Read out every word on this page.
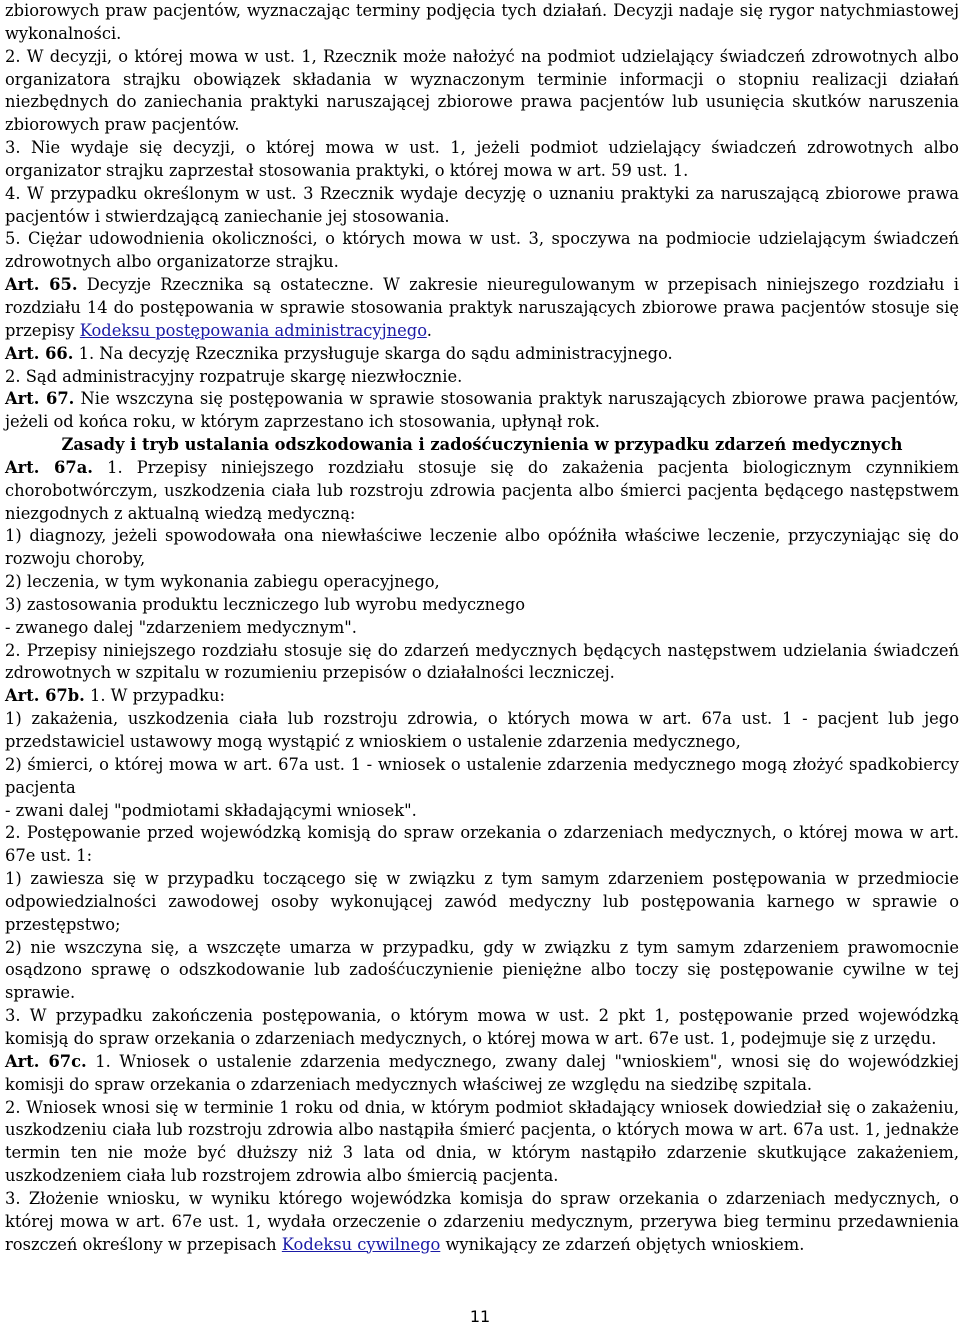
zbiorowych praw pacjentów, wyznaczając terminy podjęcia tych działań. Decyzji nadaje się rygor natychmiastowej wykonalności.

2. W decyzji, o której mowa w ust. 1, Rzecznik może nałożyć na podmiot udzielający świadczeń zdrowotnych albo organizatora strajku obowiązek składania w wyznaczonym terminie informacji o stopniu realizacji działań niezbędnych do zaniechania praktyki naruszającej zbiorowe prawa pacjentów lub usunięcia skutków naruszenia zbiorowych praw pacjentów.

3. Nie wydaje się decyzji, o której mowa w ust. 1, jeżeli podmiot udzielający świadczeń zdrowotnych albo organizator strajku zaprzestał stosowania praktyki, o której mowa w art. 59 ust. 1.

4. W przypadku określonym w ust. 3 Rzecznik wydaje decyzję o uznaniu praktyki za naruszającą zbiorowe prawa pacjentów i stwierdzającą zaniechanie jej stosowania.

5. Ciężar udowodnienia okoliczności, o których mowa w ust. 3, spoczywa na podmiocie udzielającym świadczeń zdrowotnych albo organizatorze strajku.

Art. 65. Decyzje Rzecznika są ostateczne. W zakresie nieuregulowanym w przepisach niniejszego rozdziału i rozdziału 14 do postępowania w sprawie stosowania praktyk naruszających zbiorowe prawa pacjentów stosuje się przepisy Kodeksu postępowania administracyjnego.

Art. 66. 1. Na decyzję Rzecznika przysługuje skarga do sądu administracyjnego.

2. Sąd administracyjny rozpatruje skargę niezwłocznie.

Art. 67. Nie wszczyna się postępowania w sprawie stosowania praktyk naruszających zbiorowe prawa pacjentów, jeżeli od końca roku, w którym zaprzestano ich stosowania, upłynął rok.

Zasady i tryb ustalania odszkodowania i zadośćuczynienia w przypadku zdarzeń medycznych

Art. 67a. 1. Przepisy niniejszego rozdziału stosuje się do zakażenia pacjenta biologicznym czynnikiem chorobotwórczym, uszkodzenia ciała lub rozstroju zdrowia pacjenta albo śmierci pacjenta będącego następstwem niezgodnych z aktualną wiedzą medyczną:

1) diagnozy, jeżeli spowodowała ona niewłaściwe leczenie albo opóźniła właściwe leczenie, przyczyniając się do rozwoju choroby,

2) leczenia, w tym wykonania zabiegu operacyjnego,

3) zastosowania produktu leczniczego lub wyrobu medycznego

- zwanego dalej "zdarzeniem medycznym".

2. Przepisy niniejszego rozdziału stosuje się do zdarzeń medycznych będących następstwem udzielania świadczeń zdrowotnych w szpitalu w rozumieniu przepisów o działalności leczniczej.

Art. 67b. 1. W przypadku:

1) zakażenia, uszkodzenia ciała lub rozstroju zdrowia, o których mowa w art. 67a ust. 1 - pacjent lub jego przedstawiciel ustawowy mogą wystąpić z wnioskiem o ustalenie zdarzenia medycznego,

2) śmierci, o której mowa w art. 67a ust. 1 - wniosek o ustalenie zdarzenia medycznego mogą złożyć spadkobiercy pacjenta

- zwani dalej "podmiotami składającymi wniosek".

2. Postępowanie przed wojewódzką komisją do spraw orzekania o zdarzeniach medycznych, o której mowa w art. 67e ust. 1:

1) zawiesza się w przypadku toczącego się w związku z tym samym zdarzeniem postępowania w przedmiocie odpowiedzialności zawodowej osoby wykonującej zawód medyczny lub postępowania karnego w sprawie o przestępstwo;

2) nie wszczyna się, a wszczęte umarza w przypadku, gdy w związku z tym samym zdarzeniem prawomocnie osądzono sprawę o odszkodowanie lub zadośćuczynienie pieniężne albo toczy się postępowanie cywilne w tej sprawie.

3. W przypadku zakończenia postępowania, o którym mowa w ust. 2 pkt 1, postępowanie przed wojewódzką komisją do spraw orzekania o zdarzeniach medycznych, o której mowa w art. 67e ust. 1, podejmuje się z urzędu.

Art. 67c. 1. Wniosek o ustalenie zdarzenia medycznego, zwany dalej "wnioskiem", wnosi się do wojewódzkiej komisji do spraw orzekania o zdarzeniach medycznych właściwej ze względu na siedzibę szpitala.

2. Wniosek wnosi się w terminie 1 roku od dnia, w którym podmiot składający wniosek dowiedział się o zakażeniu, uszkodzeniu ciała lub rozstroju zdrowia albo nastąpiła śmierć pacjenta, o których mowa w art. 67a ust. 1, jednakże termin ten nie może być dłuższy niż 3 lata od dnia, w którym nastąpiło zdarzenie skutkujące zakażeniem, uszkodzeniem ciała lub rozstrojem zdrowia albo śmiercią pacjenta.

3. Złożenie wniosku, w wyniku którego wojewódzka komisja do spraw orzekania o zdarzeniach medycznych, o której mowa w art. 67e ust. 1, wydała orzeczenie o zdarzeniu medycznym, przerywa bieg terminu przedawnienia roszczeń określony w przepisach Kodeksu cywilnego wynikający ze zdarzeń objętych wnioskiem.

11
